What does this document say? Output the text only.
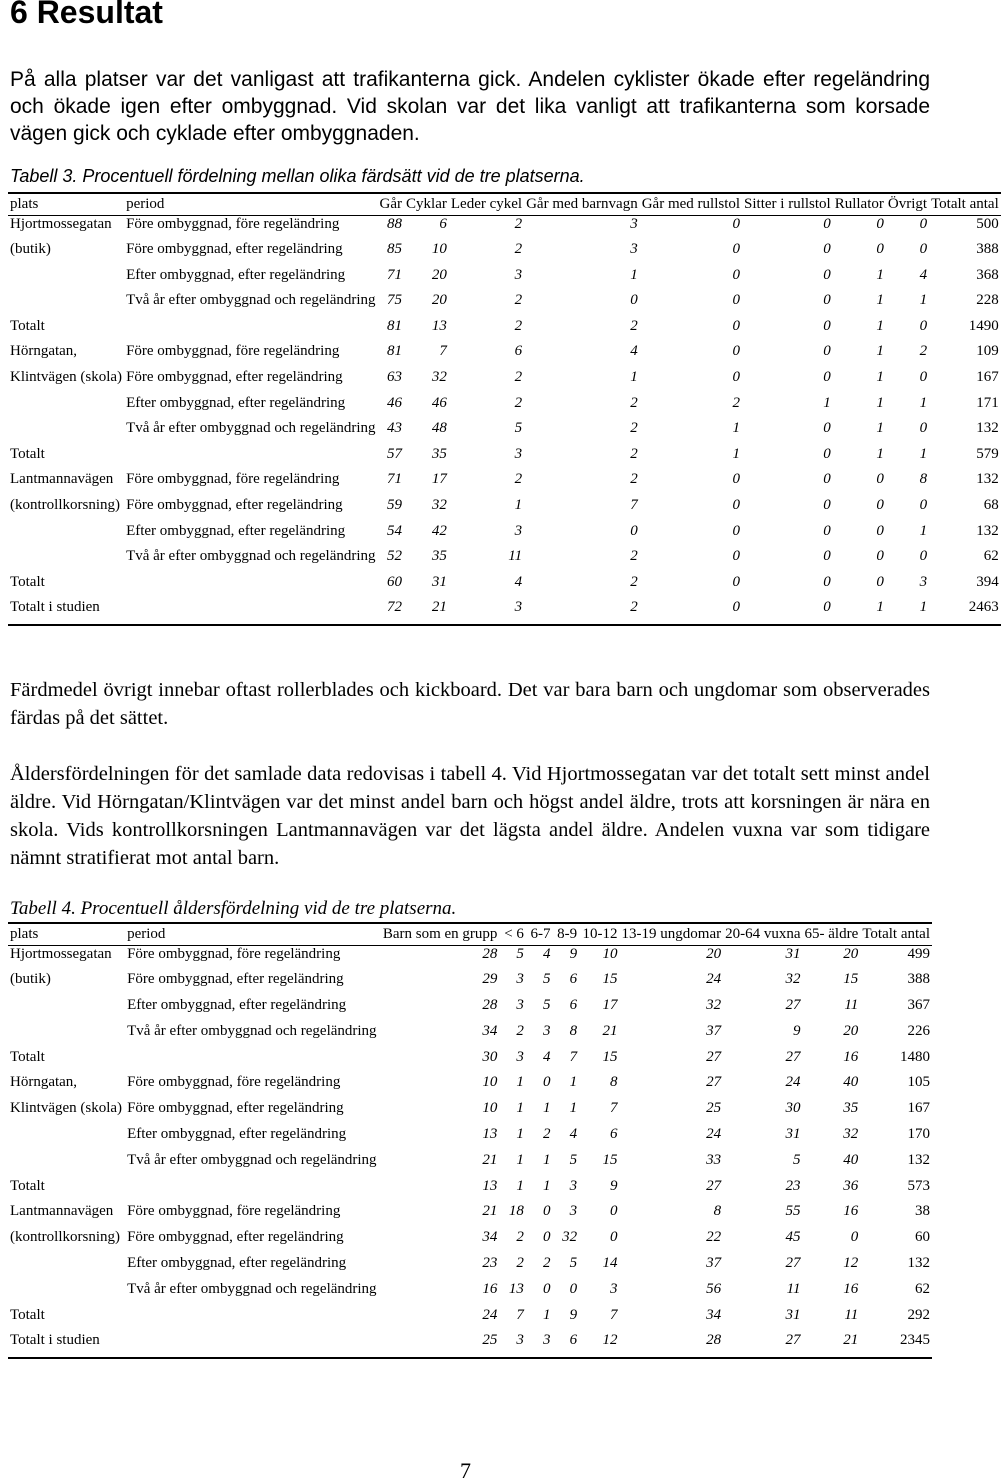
6 Resultat

På alla platser var det vanligast att trafikanterna gick. Andelen cyklister ökade efter regeländring och ökade igen efter ombyggnad. Vid skolan var det lika vanligt att trafikanterna som korsade vägen gick och cyklade efter ombyggnaden.

Tabell 3. Procentuell fördelning mellan olika färdsätt vid de tre platserna.

plats	period	Går	Cyklar	Leder cykel	Går med barnvagn	Går med rullstol	Sitter i rullstol	Rullator	Övrigt	Totalt antal
Hjortmossegatan	Före ombyggnad, före regeländring	88	6	2	3	0	0	0	0	500
(butik)	Före ombyggnad, efter regeländring	85	10	2	3	0	0	0	0	388
	Efter ombyggnad, efter regeländring	71	20	3	1	0	0	1	4	368
	Två år efter ombyggnad och regeländring	75	20	2	0	0	0	1	1	228
Totalt		81	13	2	2	0	0	1	0	1490
Hörngatan,	Före ombyggnad, före regeländring	81	7	6	4	0	0	1	2	109
Klintvägen (skola)	Före ombyggnad, efter regeländring	63	32	2	1	0	0	1	0	167
	Efter ombyggnad, efter regeländring	46	46	2	2	2	1	1	1	171
	Två år efter ombyggnad och regeländring	43	48	5	2	1	0	1	0	132
Totalt		57	35	3	2	1	0	1	1	579
Lantmannavägen	Före ombyggnad, före regeländring	71	17	2	2	0	0	0	8	132
(kontrollkorsning)	Före ombyggnad, efter regeländring	59	32	1	7	0	0	0	0	68
	Efter ombyggnad, efter regeländring	54	42	3	0	0	0	0	1	132
	Två år efter ombyggnad och regeländring	52	35	11	2	0	0	0	0	62
Totalt		60	31	4	2	0	0	0	3	394
Totalt i studien		72	21	3	2	0	0	1	1	2463

Färdmedel övrigt innebar oftast rollerblades och kickboard. Det var bara barn och ungdomar som observerades färdas på det sättet.

Åldersfördelningen för det samlade data redovisas i tabell 4. Vid Hjortmossegatan var det totalt sett minst andel äldre. Vid Hörngatan/Klintvägen var det minst andel barn och högst andel äldre, trots att korsningen är nära en skola. Vids kontrollkorsningen Lantmannavägen var det lägsta andel äldre. Andelen vuxna var som tidigare nämnt stratifierat mot antal barn.

Tabell 4. Procentuell åldersfördelning vid de tre platserna.

plats	period	Barn som en grupp	< 6	6-7	8-9	10-12	13-19 ungdomar	20-64 vuxna	65- äldre	Totalt antal
Hjortmossegatan	Före ombyggnad, före regeländring	28	5	4	9	10	20	31	20	499
(butik)	Före ombyggnad, efter regeländring	29	3	5	6	15	24	32	15	388
	Efter ombyggnad, efter regeländring	28	3	5	6	17	32	27	11	367
	Två år efter ombyggnad och regeländring	34	2	3	8	21	37	9	20	226
Totalt		30	3	4	7	15	27	27	16	1480
Hörngatan,	Före ombyggnad, före regeländring	10	1	0	1	8	27	24	40	105
Klintvägen (skola)	Före ombyggnad, efter regeländring	10	1	1	1	7	25	30	35	167
	Efter ombyggnad, efter regeländring	13	1	2	4	6	24	31	32	170
	Två år efter ombyggnad och regeländring	21	1	1	5	15	33	5	40	132
Totalt		13	1	1	3	9	27	23	36	573
Lantmannavägen	Före ombyggnad, före regeländring	21	18	0	3	0	8	55	16	38
(kontrollkorsning)	Före ombyggnad, efter regeländring	34	2	0	32	0	22	45	0	60
	Efter ombyggnad, efter regeländring	23	2	2	5	14	37	27	12	132
	Två år efter ombyggnad och regeländring	16	13	0	0	3	56	11	16	62
Totalt		24	7	1	9	7	34	31	11	292
Totalt i studien		25	3	3	6	12	28	27	21	2345
7
